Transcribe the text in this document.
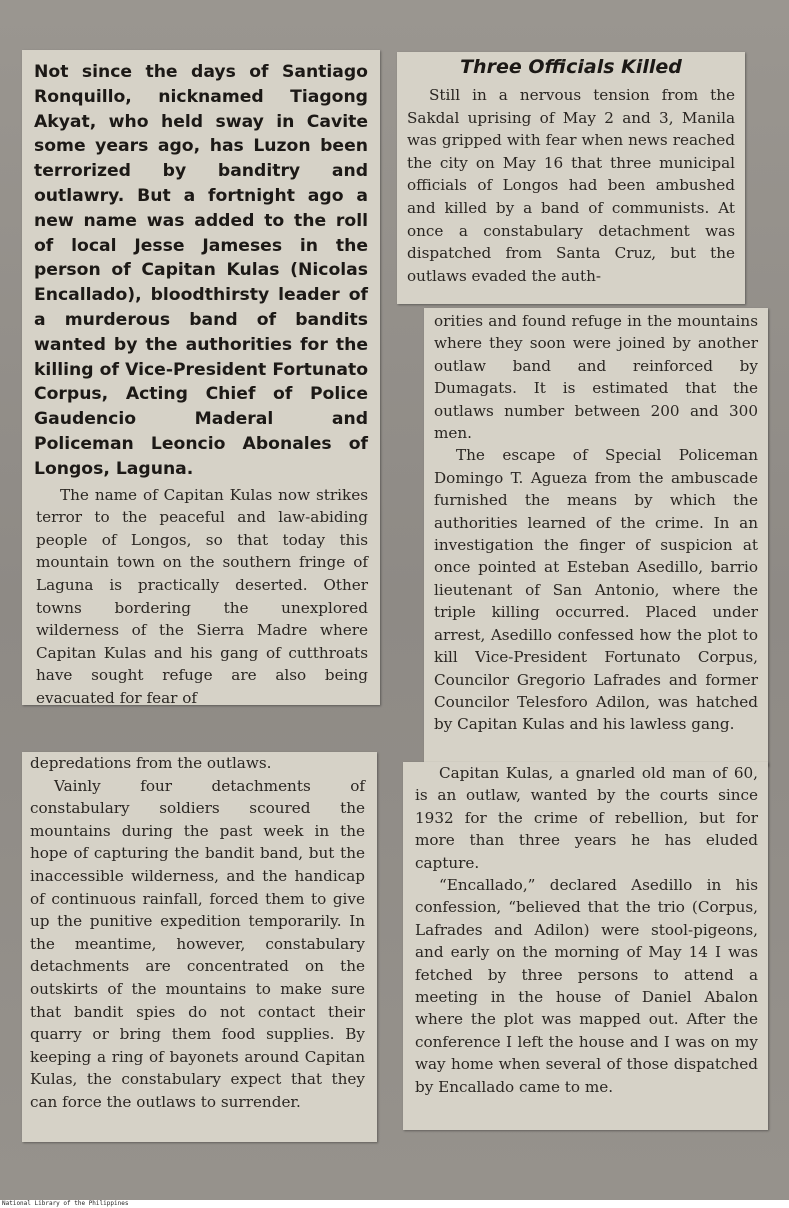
Not since the days of Santiago Ronquillo, nicknamed Tiagong Akyat, who held sway in Cavite some years ago, has Luzon been terrorized by banditry and outlawry. But a fortnight ago a new name was added to the roll of local Jesse Jameses in the person of Capitan Kulas (Nicolas Encallado), bloodthirsty leader of a murderous band of bandits wanted by the authorities for the killing of Vice-President Fortunato Corpus, Acting Chief of Police Gaudencio Maderal and Policeman Leoncio Abonales of Longos, Laguna.

The name of Capitan Kulas now strikes terror to the peaceful and law-abiding people of Longos, so that today this mountain town on the southern fringe of Laguna is practically deserted. Other towns bordering the unexplored wilderness of the Sierra Madre where Capitan Kulas and his gang of cutthroats have sought refuge are also being evacuated for fear of

Three Officials Killed

Still in a nervous tension from the Sakdal uprising of May 2 and 3, Manila was gripped with fear when news reached the city on May 16 that three municipal officials of Longos had been ambushed and killed by a band of communists. At once a constabulary detachment was dispatched from Santa Cruz, but the outlaws evaded the auth-

orities and found refuge in the mountains where they soon were joined by another outlaw band and reinforced by Dumagats. It is estimated that the outlaws number between 200 and 300 men.

The escape of Special Policeman Domingo T. Agueza from the ambuscade furnished the means by which the authorities learned of the crime. In an investigation the finger of suspicion at once pointed at Esteban Asedillo, barrio lieutenant of San Antonio, where the triple killing occurred. Placed under arrest, Asedillo confessed how the plot to kill Vice-President Fortunato Corpus, Councilor Gregorio Lafrades and former Councilor Telesforo Adilon, was hatched by Capitan Kulas and his lawless gang.

depredations from the outlaws.

Vainly four detachments of constabulary soldiers scoured the mountains during the past week in the hope of capturing the bandit band, but the inaccessible wilderness, and the handicap of continuous rainfall, forced them to give up the punitive expedition temporarily. In the meantime, however, constabulary detachments are concentrated on the outskirts of the mountains to make sure that bandit spies do not contact their quarry or bring them food supplies. By keeping a ring of bayonets around Capitan Kulas, the constabulary expect that they can force the outlaws to surrender.

Capitan Kulas, a gnarled old man of 60, is an outlaw, wanted by the courts since 1932 for the crime of rebellion, but for more than three years he has eluded capture.

“Encallado,” declared Asedillo in his confession, “believed that the trio (Corpus, Lafrades and Adilon) were stool-pigeons, and early on the morning of May 14 I was fetched by three persons to attend a meeting in the house of Daniel Abalon where the plot was mapped out. After the conference I left the house and I was on my way home when several of those dispatched by Encallado came to me.

National Library of the Philippines
